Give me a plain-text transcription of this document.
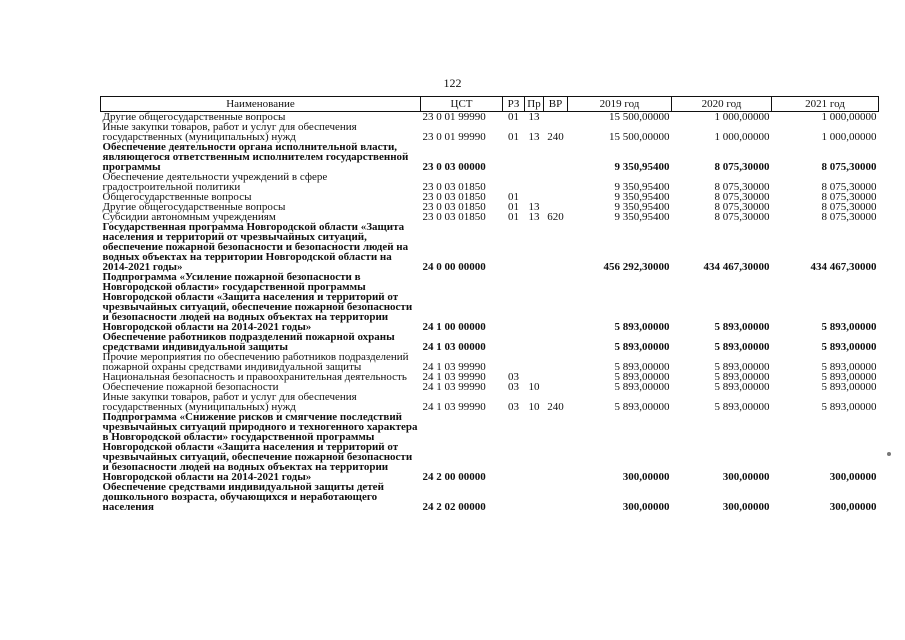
122
Наименование	ЦСТ	РЗ	Пр	ВР	2019 год	2020 год	2021 год
Другие общегосударственные вопросы	23 0 01 99990	01	13		15 500,00000	1 000,00000	1 000,00000
Иные закупки товаров, работ и услуг для обеспечения государственных (муниципальных) нужд	23 0 01 99990	01	13	240	15 500,00000	1 000,00000	1 000,00000
Обеспечение деятельности органа исполнительной власти, являющегося ответственным исполнителем государственной программы	23 0 03 00000				9 350,95400	8 075,30000	8 075,30000
Обеспечение деятельности учреждений в сфере градостроительной политики	23 0 03 01850				9 350,95400	8 075,30000	8 075,30000
Общегосударственные вопросы	23 0 03 01850	01			9 350,95400	8 075,30000	8 075,30000
Другие общегосударственные вопросы	23 0 03 01850	01	13		9 350,95400	8 075,30000	8 075,30000
Субсидии автономным учреждениям	23 0 03 01850	01	13	620	9 350,95400	8 075,30000	8 075,30000
Государственная программа Новгородской области «Защита населения и территорий от чрезвычайных ситуаций, обеспечение пожарной безопасности и безопасности людей на водных объектах на территории Новгородской области на 2014-2021 годы»	24 0 00 00000				456 292,30000	434 467,30000	434 467,30000
Подпрограмма «Усиление пожарной безопасности в Новгородской области» государственной программы Новгородской области «Защита населения и территорий от чрезвычайных ситуаций, обеспечение пожарной безопасности и безопасности людей на водных объектах на территории Новгородской области на 2014-2021 годы»	24 1 00 00000				5 893,00000	5 893,00000	5 893,00000
Обеспечение работников подразделений пожарной охраны средствами индивидуальной защиты	24 1 03 00000				5 893,00000	5 893,00000	5 893,00000
Прочие мероприятия по обеспечению работников подразделений пожарной охраны средствами индивидуальной защиты	24 1 03 99990				5 893,00000	5 893,00000	5 893,00000
Национальная безопасность и правоохранительная деятельность	24 1 03 99990	03			5 893,00000	5 893,00000	5 893,00000
Обеспечение пожарной безопасности	24 1 03 99990	03	10		5 893,00000	5 893,00000	5 893,00000
Иные закупки товаров, работ и услуг для обеспечения государственных (муниципальных) нужд	24 1 03 99990	03	10	240	5 893,00000	5 893,00000	5 893,00000
Подпрограмма «Снижение рисков и смягчение последствий чрезвычайных ситуаций природного и техногенного характера в Новгородской области» государственной программы Новгородской области «Защита населения и территорий от чрезвычайных ситуаций, обеспечение пожарной безопасности и безопасности людей на водных объектах на территории Новгородской области на 2014-2021 годы»	24 2 00 00000				300,00000	300,00000	300,00000
Обеспечение средствами индивидуальной защиты детей дошкольного возраста, обучающихся и неработающего населения	24 2 02 00000				300,00000	300,00000	300,00000
